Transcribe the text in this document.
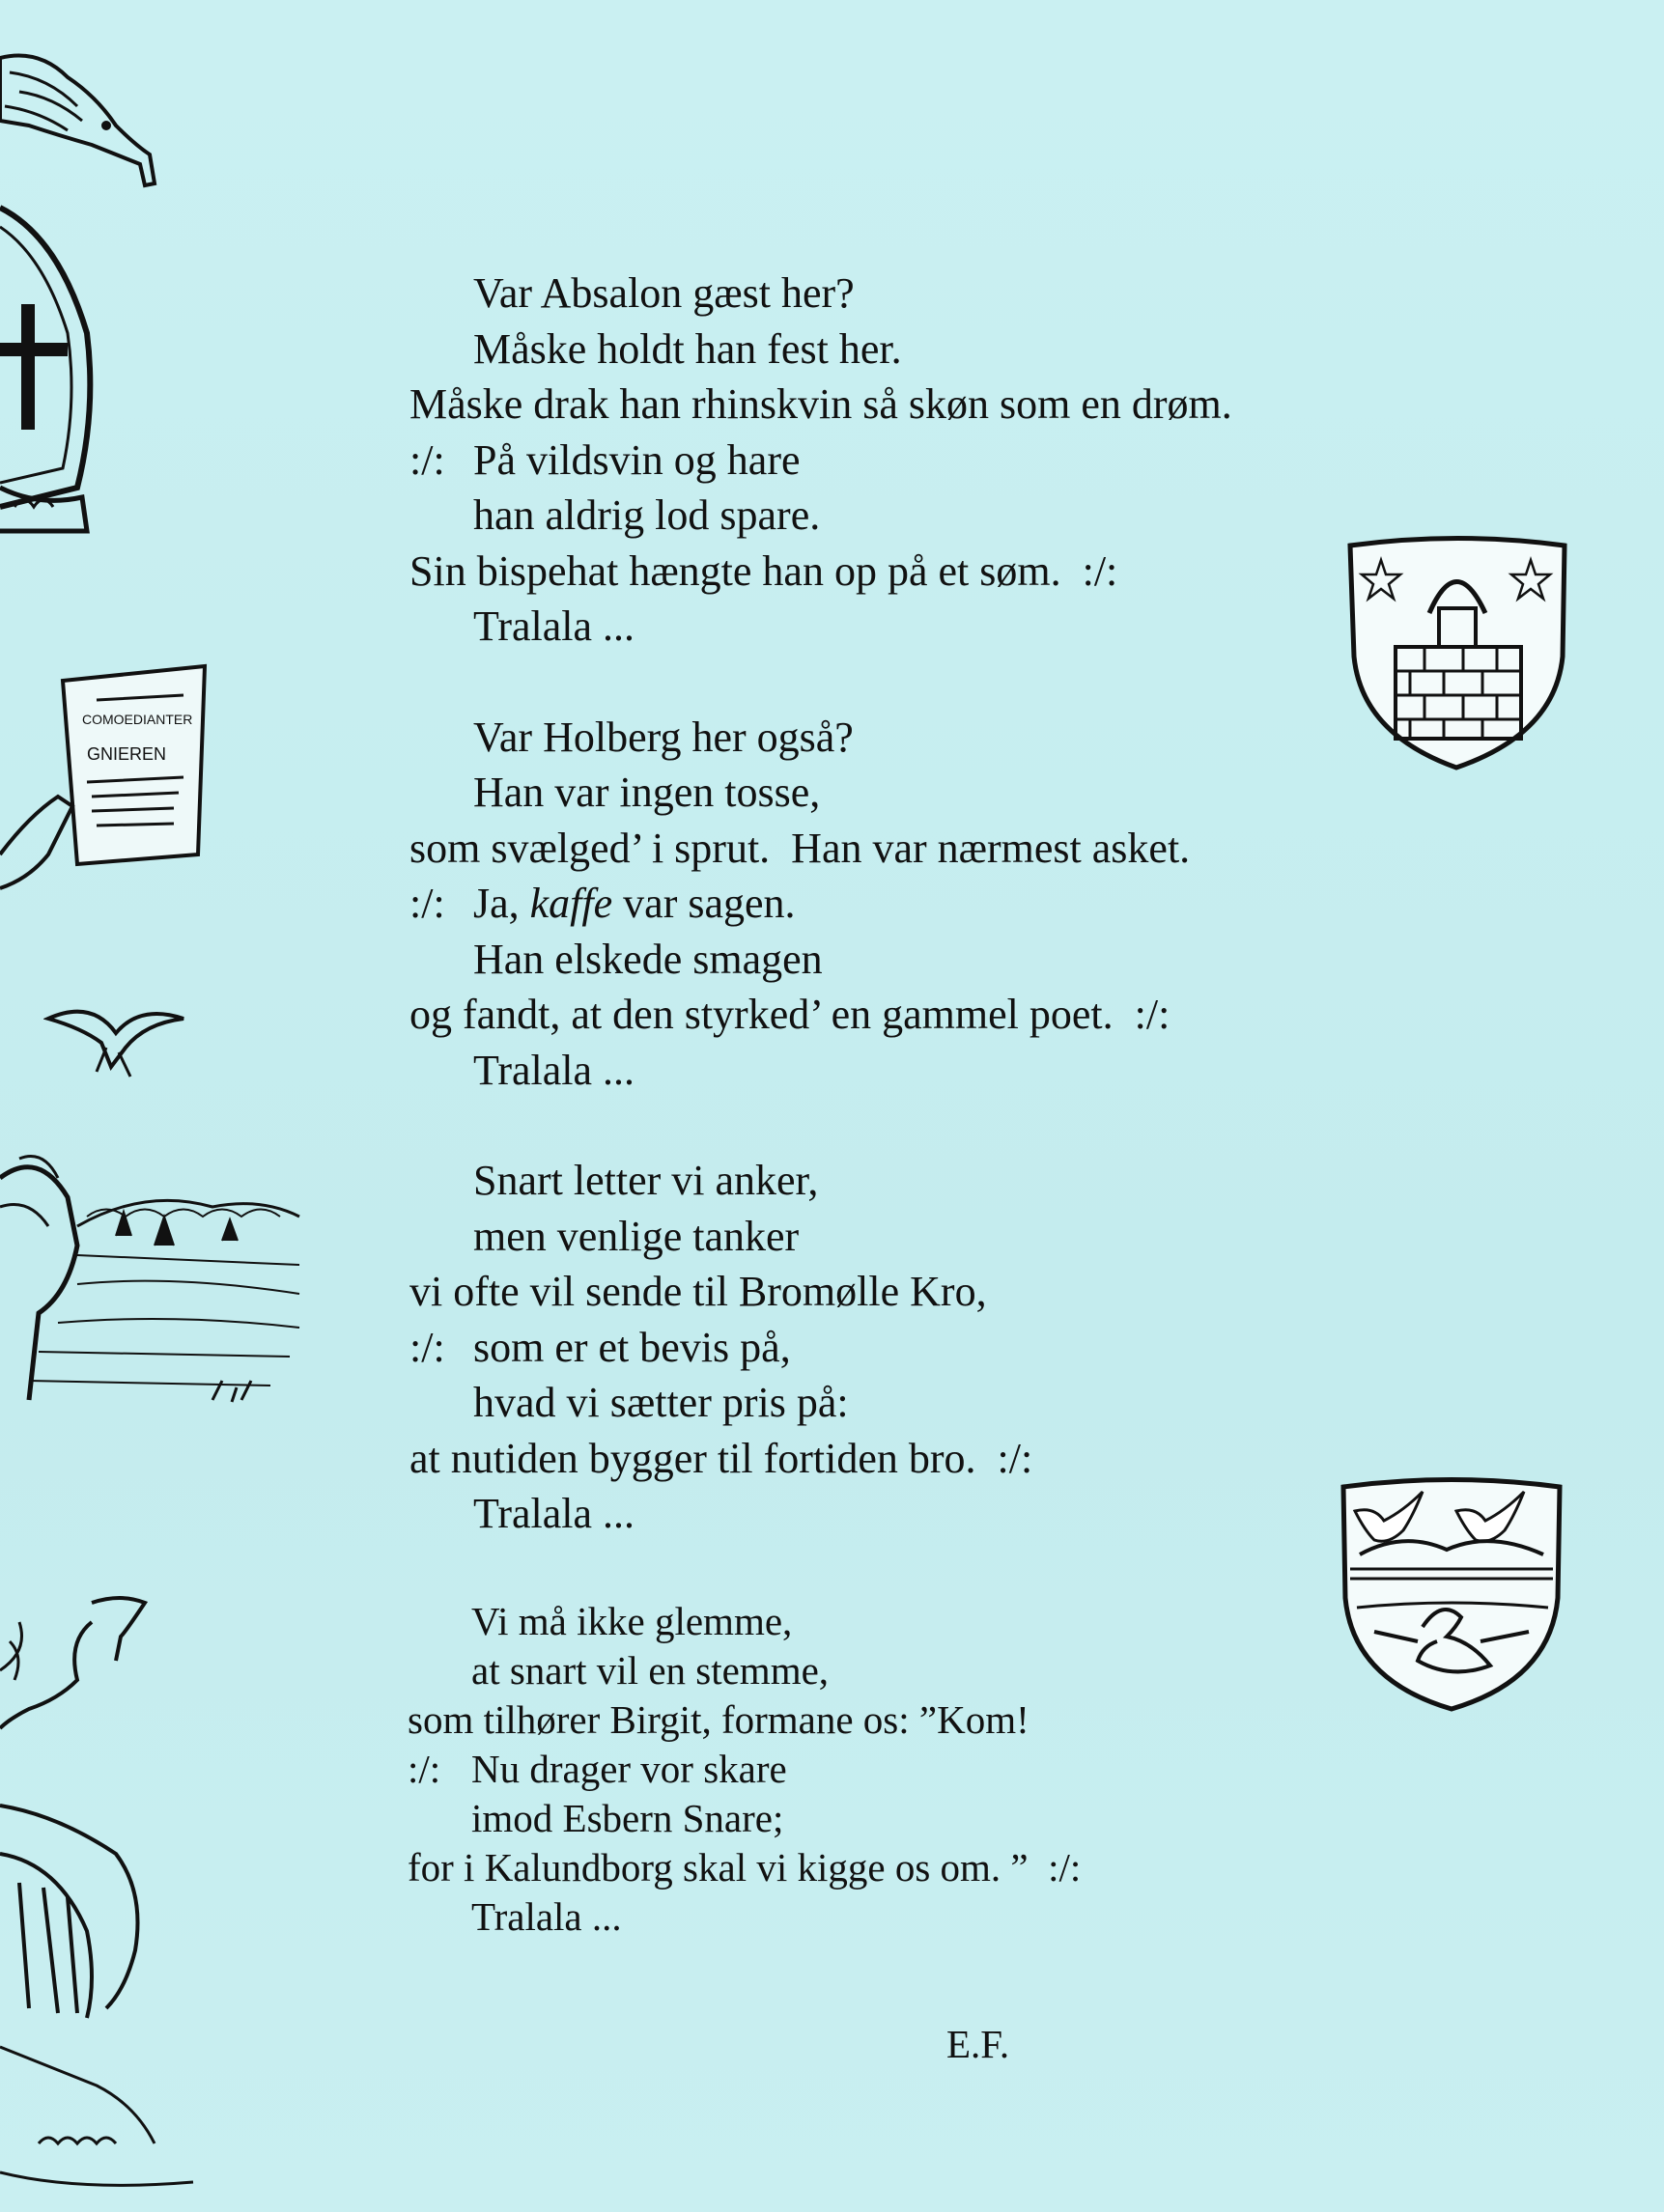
COMOEDIANTER
GNIEREN
Var Absalon gæst her?
Måske holdt han fest her.
Måske drak han rhinskvin så skøn som en drøm.
:/: På vildsvin og hare
han aldrig lod spare.
Sin bispehat hængte han op på et søm.  :/:
Tralala ...
Var Holberg her også?
Han var ingen tosse,
som svælged’ i sprut.  Han var nærmest asket.
:/: Ja, kaffe var sagen.
Han elskede smagen
og fandt, at den styrked’ en gammel poet.  :/:
Tralala ...
Snart letter vi anker,
men venlige tanker
vi ofte vil sende til Bromølle Kro,
:/: som er et bevis på,
hvad vi sætter pris på:
at nutiden bygger til fortiden bro.  :/:
Tralala ...
Vi må ikke glemme,
at snart vil en stemme,
som tilhører Birgit, formane os: ”Kom!
:/: Nu drager vor skare
imod Esbern Snare;
for i Kalundborg skal vi kigge os om. ”  :/:
Tralala ...
E.F.
